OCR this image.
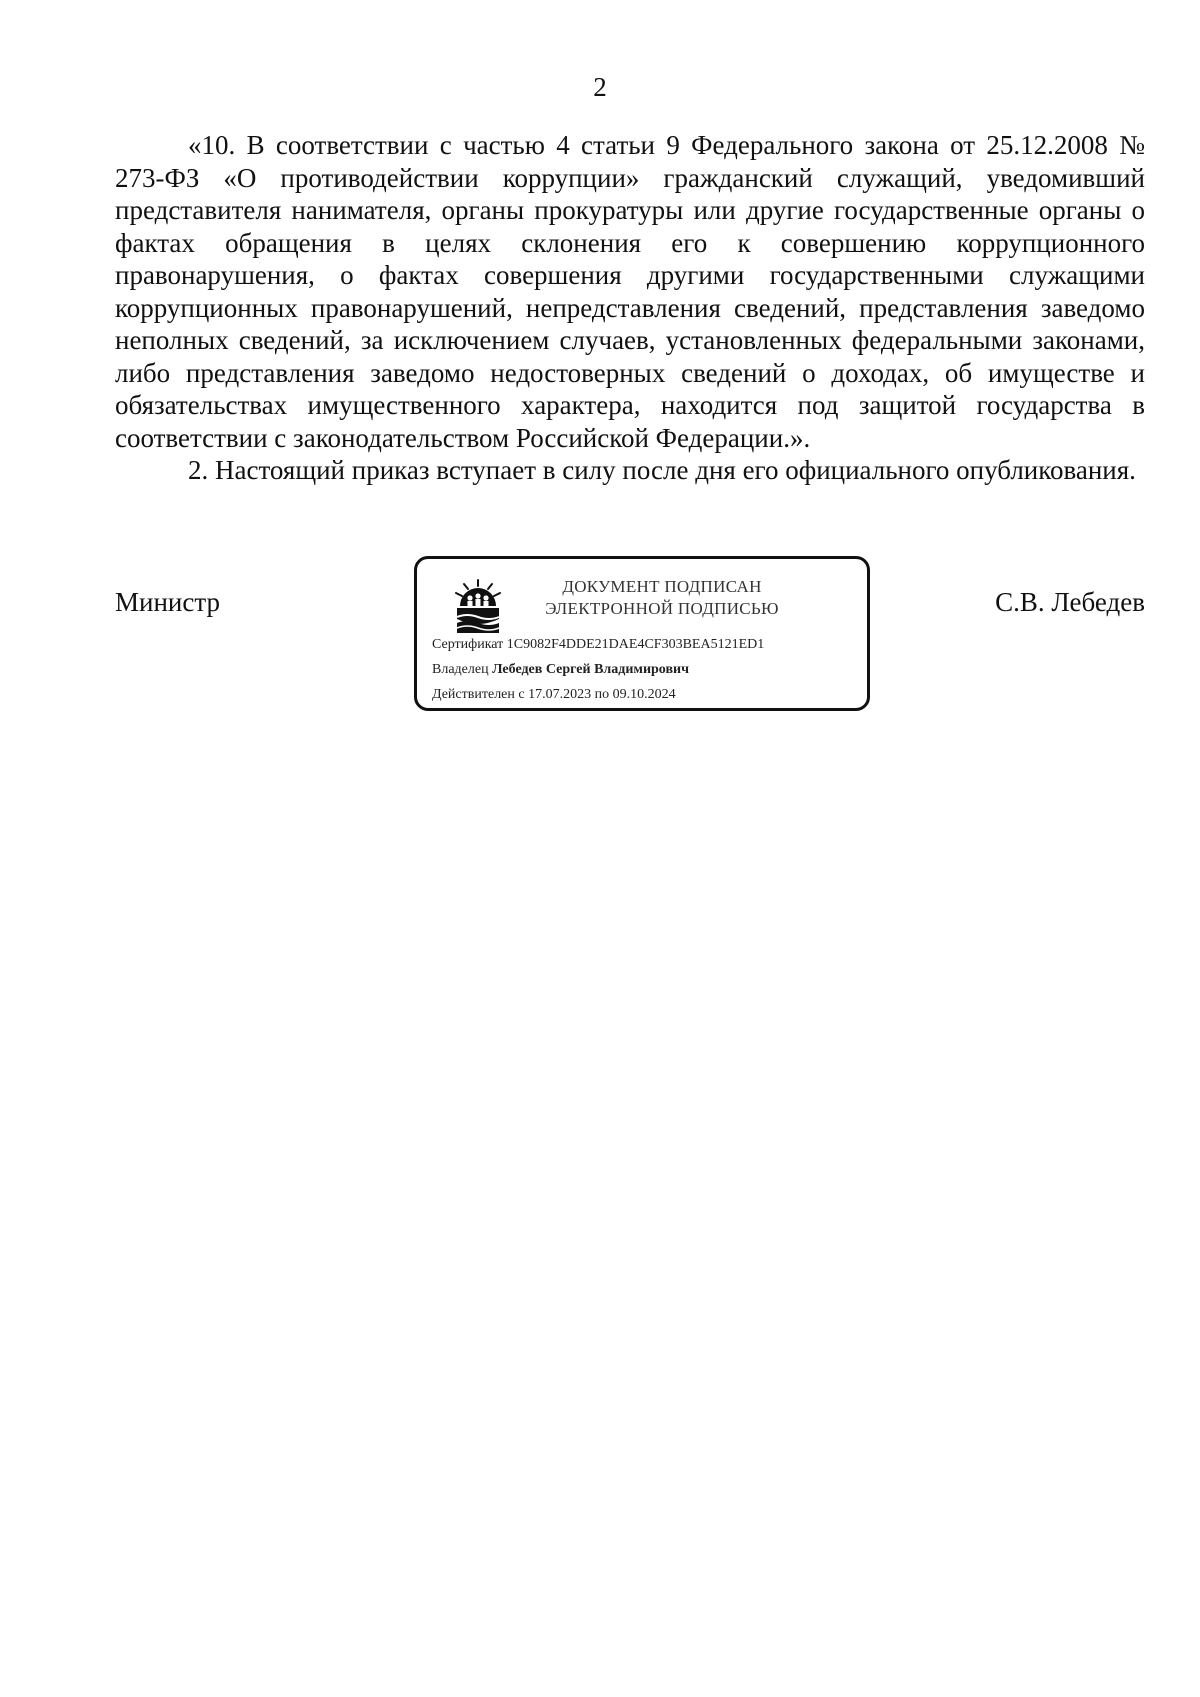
2

«10. В соответствии с частью 4 статьи 9 Федерального закона от 25.12.2008 № 273-ФЗ «О противодействии коррупции» гражданский служащий, уведомивший представителя нанимателя, органы прокуратуры или другие государственные органы о фактах обращения в целях склонения его к совершению коррупционного правонарушения, о фактах совершения другими государственными служащими коррупционных правонарушений, непредставления сведений, представления заведомо неполных сведений, за исключением случаев, установленных федеральными законами, либо представления заведомо недостоверных сведений о доходах, об имуществе и обязательствах имущественного характера, находится под защитой государства в соответствии с законодательством Российской Федерации.».

2. Настоящий приказ вступает в силу после дня его официального опубликования.

Министр	С.В. Лебедев
ДОКУМЕНТ ПОДПИСАН
ЭЛЕКТРОННОЙ ПОДПИСЬЮ
Сертификат 1C9082F4DDE21DAE4CF303BEA5121ED1
Владелец Лебедев Сергей Владимирович
Действителен с 17.07.2023 по 09.10.2024
